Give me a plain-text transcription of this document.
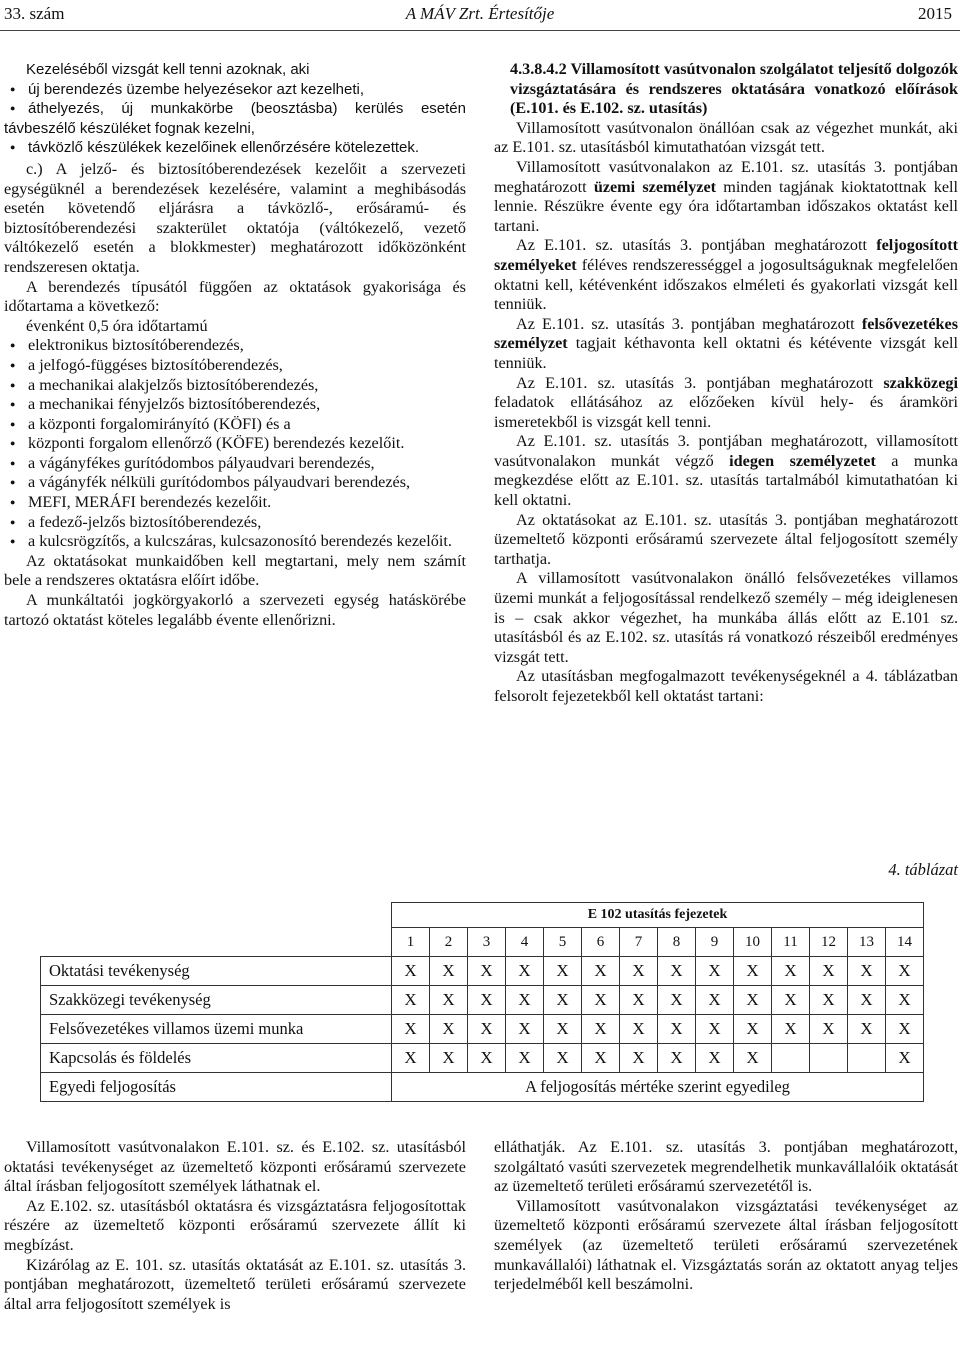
33. szám	A MÁV Zrt. Értesítője	2015

Kezeléséből vizsgát kell tenni azoknak, aki

● új berendezés üzembe helyezésekor azt kezelheti,

● áthelyezés, új munkakörbe (beosztásba) kerülés esetén távbeszélő készüléket fognak kezelni,

● távközlő készülékek kezelőinek ellenőrzésére kötelezettek.

c.) A jelző- és biztosítóberendezések kezelőit a szervezeti egységüknél a berendezések kezelésére, valamint a meghibásodás esetén követendő eljárásra a távközlő-, erősáramú- és biztosítóberendezési szakterület oktatója (váltókezelő, vezető váltókezelő esetén a blokkmester) meghatározott időközönként rendszeresen oktatja.

A berendezés típusától függően az oktatások gyakorisága és időtartama a következő:

évenként 0,5 óra időtartamú

● elektronikus biztosítóberendezés,

● a jelfogó-függéses biztosítóberendezés,

● a mechanikai alakjelzős biztosítóberendezés,

● a mechanikai fényjelzős biztosítóberendezés,

● a központi forgalomirányító (KÖFI) és a

● központi forgalom ellenőrző (KÖFE) berendezés kezelőit.

● a vágányfékes gurítódombos pályaudvari berendezés,

● a vágányfék nélküli gurítódombos pályaudvari berendezés,

● MEFI, MERÁFI berendezés kezelőit.

● a fedező-jelzős biztosítóberendezés,

● a kulcsrögzítős, a kulcszáras, kulcsazonosító berendezés kezelőit.

Az oktatásokat munkaidőben kell megtartani, mely nem számít bele a rendszeres oktatásra előírt időbe.

A munkáltatói jogkörgyakorló a szervezeti egység hatáskörébe tartozó oktatást köteles legalább évente ellenőrizni.

4.3.8.4.2 Villamosított vasútvonalon szolgálatot teljesítő dolgozók vizsgáztatására és rendszeres oktatására vonatkozó előírások (E.101. és E.102. sz. utasítás)

Villamosított vasútvonalon önállóan csak az végezhet munkát, aki az E.101. sz. utasításból kimutathatóan vizsgát tett.

Villamosított vasútvonalakon az E.101. sz. utasítás 3. pontjában meghatározott üzemi személyzet minden tagjának kioktatottnak kell lennie. Részükre évente egy óra időtartamban időszakos oktatást kell tartani.

Az E.101. sz. utasítás 3. pontjában meghatározott feljogosított személyeket féléves rendszerességgel a jogosultságuknak megfelelően oktatni kell, kétévenként időszakos elméleti és gyakorlati vizsgát kell tenniük.

Az E.101. sz. utasítás 3. pontjában meghatározott felsővezetékes személyzet tagjait kéthavonta kell oktatni és kétévente vizsgát kell tenniük.

Az E.101. sz. utasítás 3. pontjában meghatározott szakközegi feladatok ellátásához az előzőeken kívül hely- és áramköri ismeretekből is vizsgát kell tenni.

Az E.101. sz. utasítás 3. pontjában meghatározott, villamosított vasútvonalakon munkát végző idegen személyzetet a munka megkezdése előtt az E.101. sz. utasítás tartalmából kimutathatóan ki kell oktatni.

Az oktatásokat az E.101. sz. utasítás 3. pontjában meghatározott üzemeltető központi erősáramú szervezete által feljogosított személy tarthatja.

A villamosított vasútvonalakon önálló felsővezetékes villamos üzemi munkát a feljogosítással rendelkező személy – még ideiglenesen is – csak akkor végezhet, ha munkába állás előtt az E.101 sz. utasításból és az E.102. sz. utasítás rá vonatkozó részeiből eredményes vizsgát tett.

Az utasításban megfogalmazott tevékenységeknél a 4. táblázatban felsorolt fejezetekből kell oktatást tartani:

4. táblázat
	E 102 utasítás fejezetek													
	1	2	3	4	5	6	7	8	9	10	11	12	13	14
Oktatási tevékenység	X	X	X	X	X	X	X	X	X	X	X	X	X	X
Szakközegi tevékenység	X	X	X	X	X	X	X	X	X	X	X	X	X	X
Felsővezetékes villamos üzemi munka	X	X	X	X	X	X	X	X	X	X	X	X	X	X
Kapcsolás és földelés	X	X	X	X	X	X	X	X	X	X				X
Egyedi feljogosítás	A feljogosítás mértéke szerint egyedileg													

Villamosított vasútvonalakon E.101. sz. és E.102. sz. utasításból oktatási tevékenységet az üzemeltető központi erősáramú szervezete által írásban feljogosított személyek láthatnak el.

Az E.102. sz. utasításból oktatásra és vizsgáztatásra feljogosítottak részére az üzemeltető központi erősáramú szervezete állít ki megbízást.

Kizárólag az E. 101. sz. utasítás oktatását az E.101. sz. utasítás 3. pontjában meghatározott, üzemeltető területi erősáramú szervezete által arra feljogosított személyek is

elláthatják. Az E.101. sz. utasítás 3. pontjában meghatározott, szolgáltató vasúti szervezetek megrendelhetik munkavállalóik oktatását az üzemeltető területi erősáramú szervezetétől is.

Villamosított vasútvonalakon vizsgáztatási tevékenységet az üzemeltető központi erősáramú szervezete által írásban feljogosított személyek (az üzemeltető területi erősáramú szervezetének munkavállalói) láthatnak el. Vizsgáztatás során az oktatott anyag teljes terjedelméből kell beszámolni.
